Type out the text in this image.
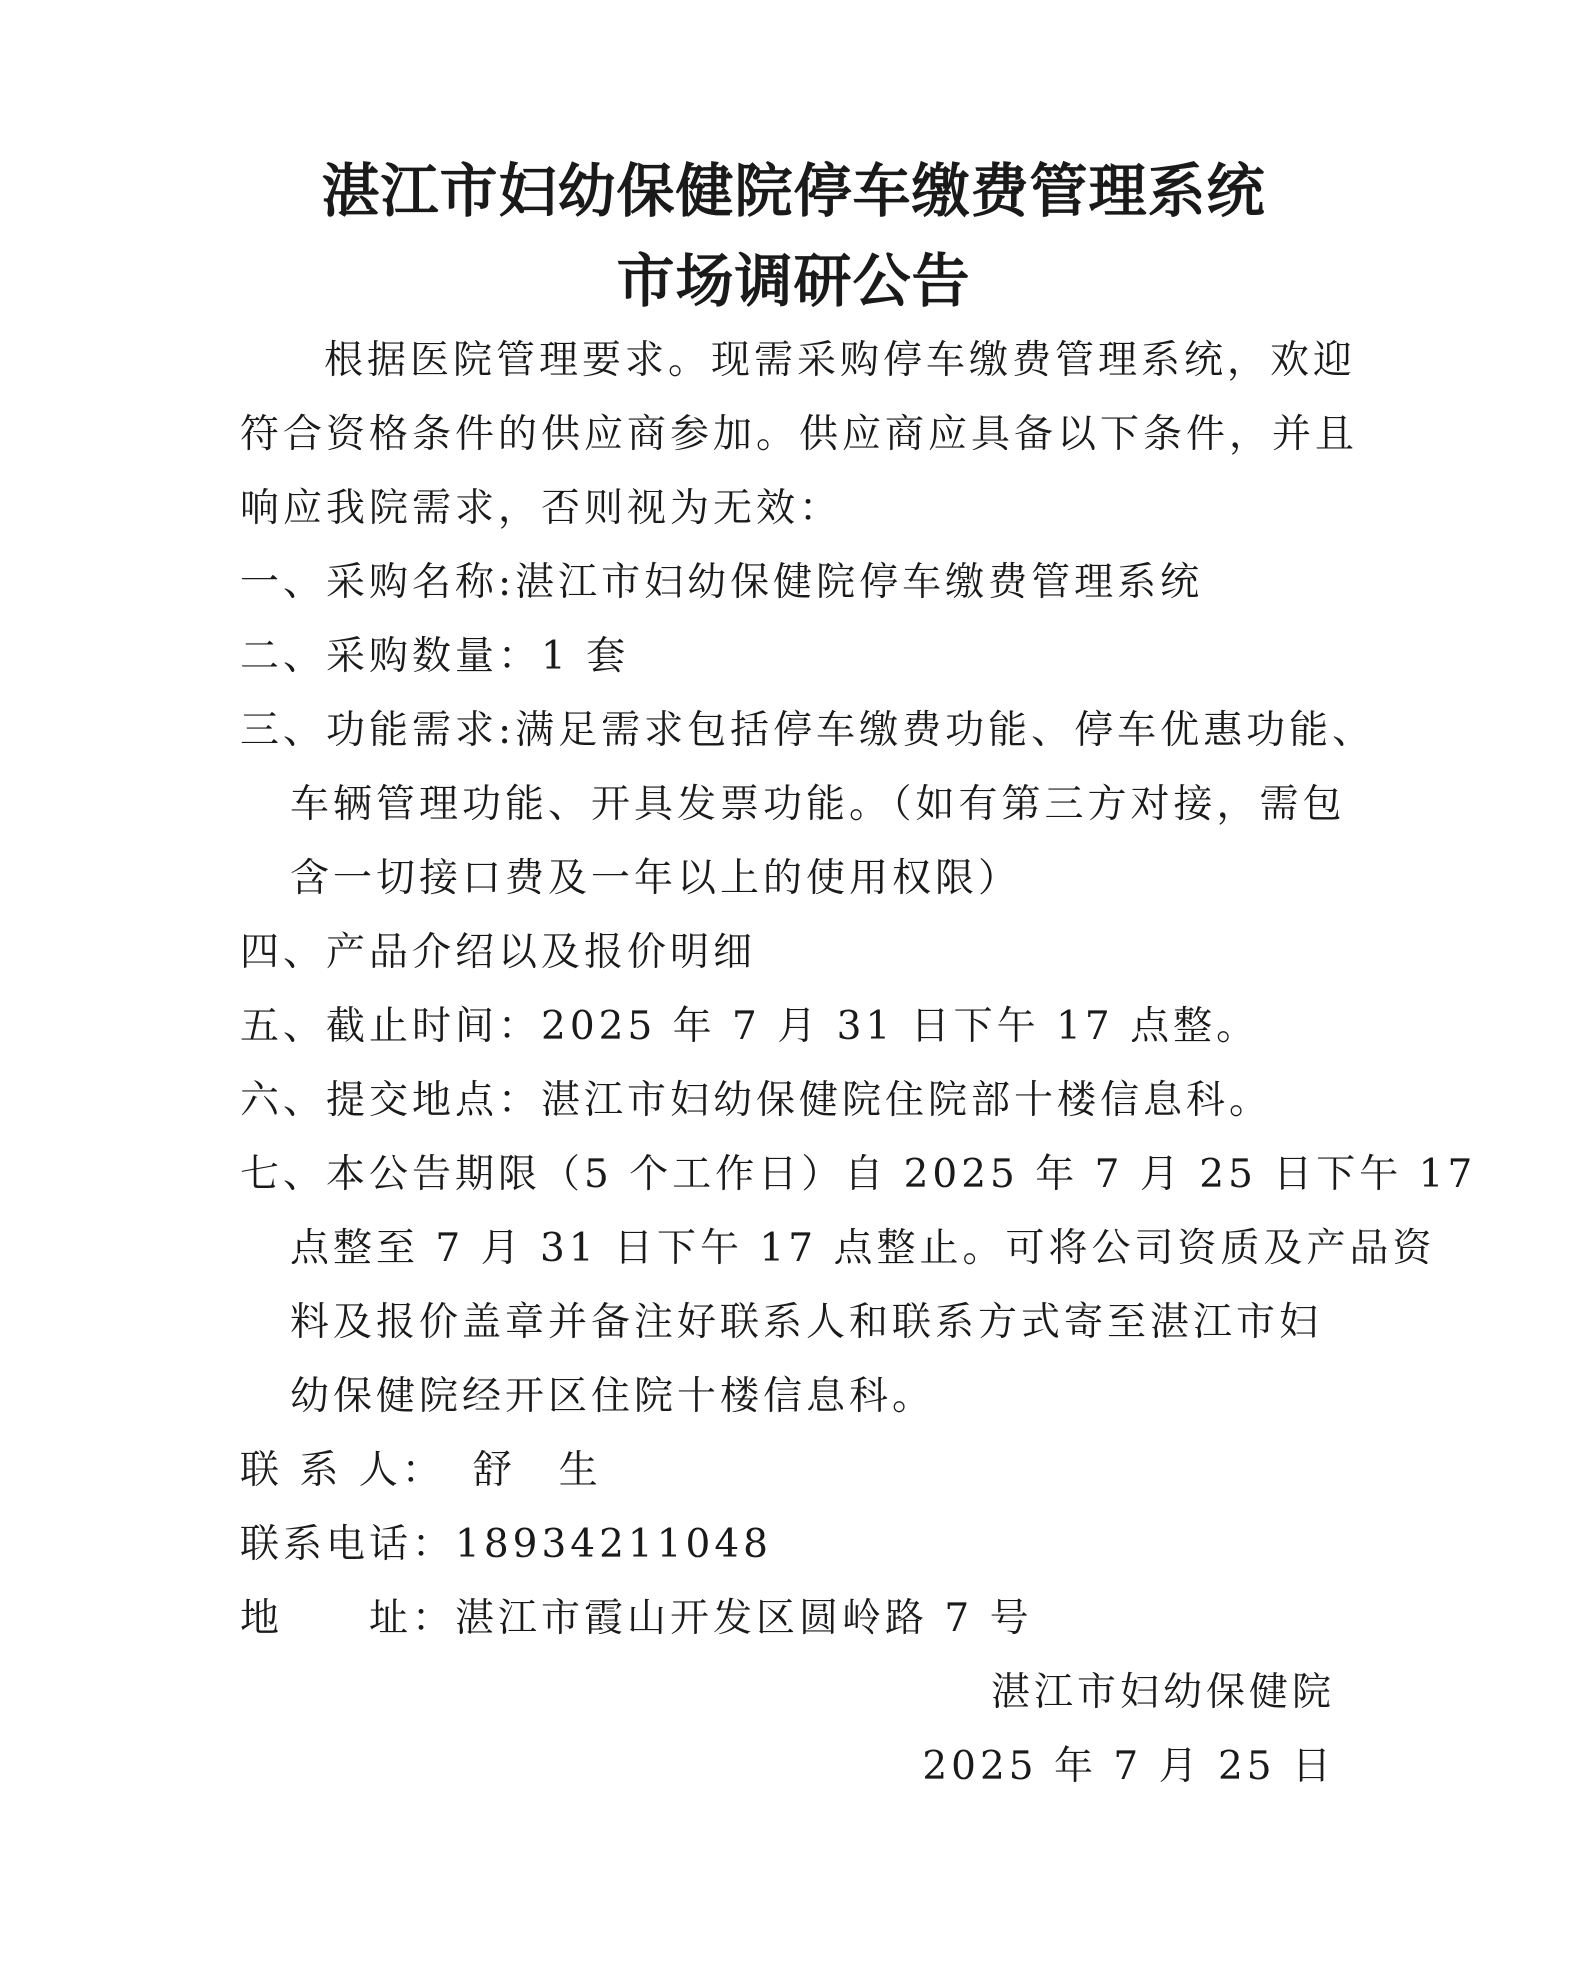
湛江市妇幼保健院停车缴费管理系统
市场调研公告
根据医院管理要求。现需采购停车缴费管理系统，欢迎
符合资格条件的供应商参加。供应商应具备以下条件，并且
响应我院需求，否则视为无效：
一、采购名称:湛江市妇幼保健院停车缴费管理系统
二、采购数量：1 套
三、功能需求:满足需求包括停车缴费功能、停车优惠功能、
车辆管理功能、开具发票功能。（如有第三方对接，需包
含一切接口费及一年以上的使用权限）
四、产品介绍以及报价明细
五、截止时间：2025 年 7 月 31 日下午 17 点整。
六、提交地点：湛江市妇幼保健院住院部十楼信息科。
七、本公告期限（5 个工作日）自 2025 年 7 月 25 日下午 17
点整至 7 月 31 日下午 17 点整止。可将公司资质及产品资
料及报价盖章并备注好联系人和联系方式寄至湛江市妇
幼保健院经开区住院十楼信息科。
联 系 人： 舒　生
联系电话：18934211048
地　　址：湛江市霞山开发区圆岭路 7 号
湛江市妇幼保健院
2025 年 7 月 25 日
